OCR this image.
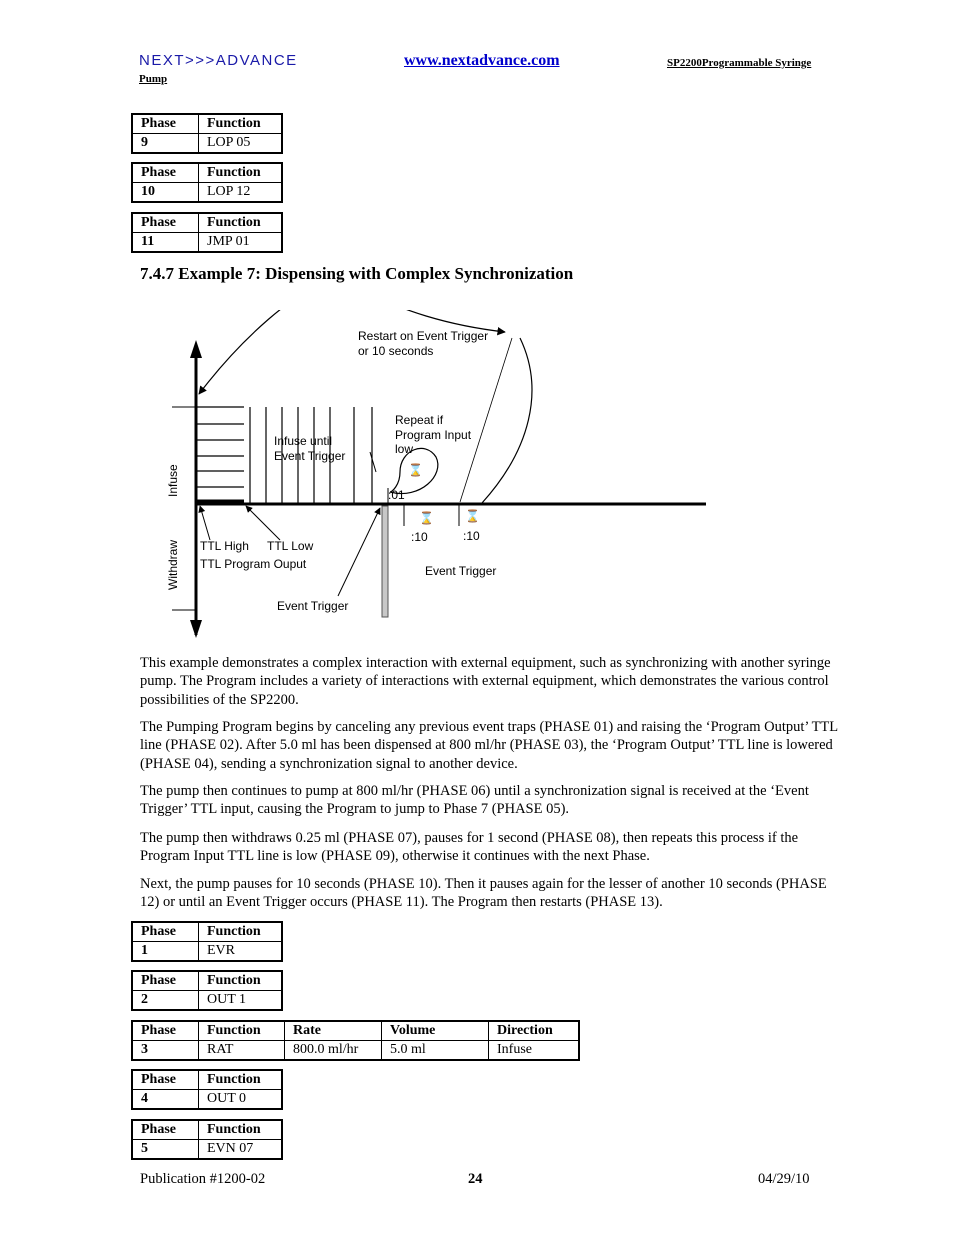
NEXT>>>ADVANCE	www.nextadvance.com	SP2200Programmable Syringe
Pump
Phase	Function
9	LOP 05
Phase	Function
10	LOP 12
Phase	Function
11	JMP 01
7.4.7 Example 7: Dispensing with Complex Synchronization
⌛
⌛	⌛
Restart on Event Trigger
or 10 seconds
Repeat if
Program Input
low
Infuse until
Event Trigger
:01
:10	:10
TTL High TTL Low
TTL Program Ouput	Event Trigger
Event Trigger
Infuse
Withdraw

This example demonstrates a complex interaction with external equipment, such as synchronizing with another syringe pump. The Program includes a variety of interactions with external equipment, which demonstrates the various control possibilities of the SP2200.

The Pumping Program begins by canceling any previous event traps (PHASE 01) and raising the ‘Program Output’ TTL line (PHASE 02). After 5.0 ml has been dispensed at 800 ml/hr (PHASE 03), the ‘Program Output’ TTL line is lowered (PHASE 04), sending a synchronization signal to another device.

The pump then continues to pump at 800 ml/hr (PHASE 06) until a synchronization signal is received at the ‘Event Trigger’ TTL input, causing the Program to jump to Phase 7 (PHASE 05).

The pump then withdraws 0.25 ml (PHASE 07), pauses for 1 second (PHASE 08), then repeats this process if the Program Input TTL line is low (PHASE 09), otherwise it continues with the next Phase.

Next, the pump pauses for 10 seconds (PHASE 10). Then it pauses again for the lesser of another 10 seconds (PHASE 12) or until an Event Trigger occurs (PHASE 11). The Program then restarts (PHASE 13).

Phase	Function
1	EVR
Phase	Function
2	OUT 1
Phase	Function	Rate	Volume	Direction
3	RAT	800.0 ml/hr	5.0 ml	Infuse
Phase	Function
4	OUT 0
Phase	Function
5	EVN 07
Publication #1200-02	24	04/29/10
